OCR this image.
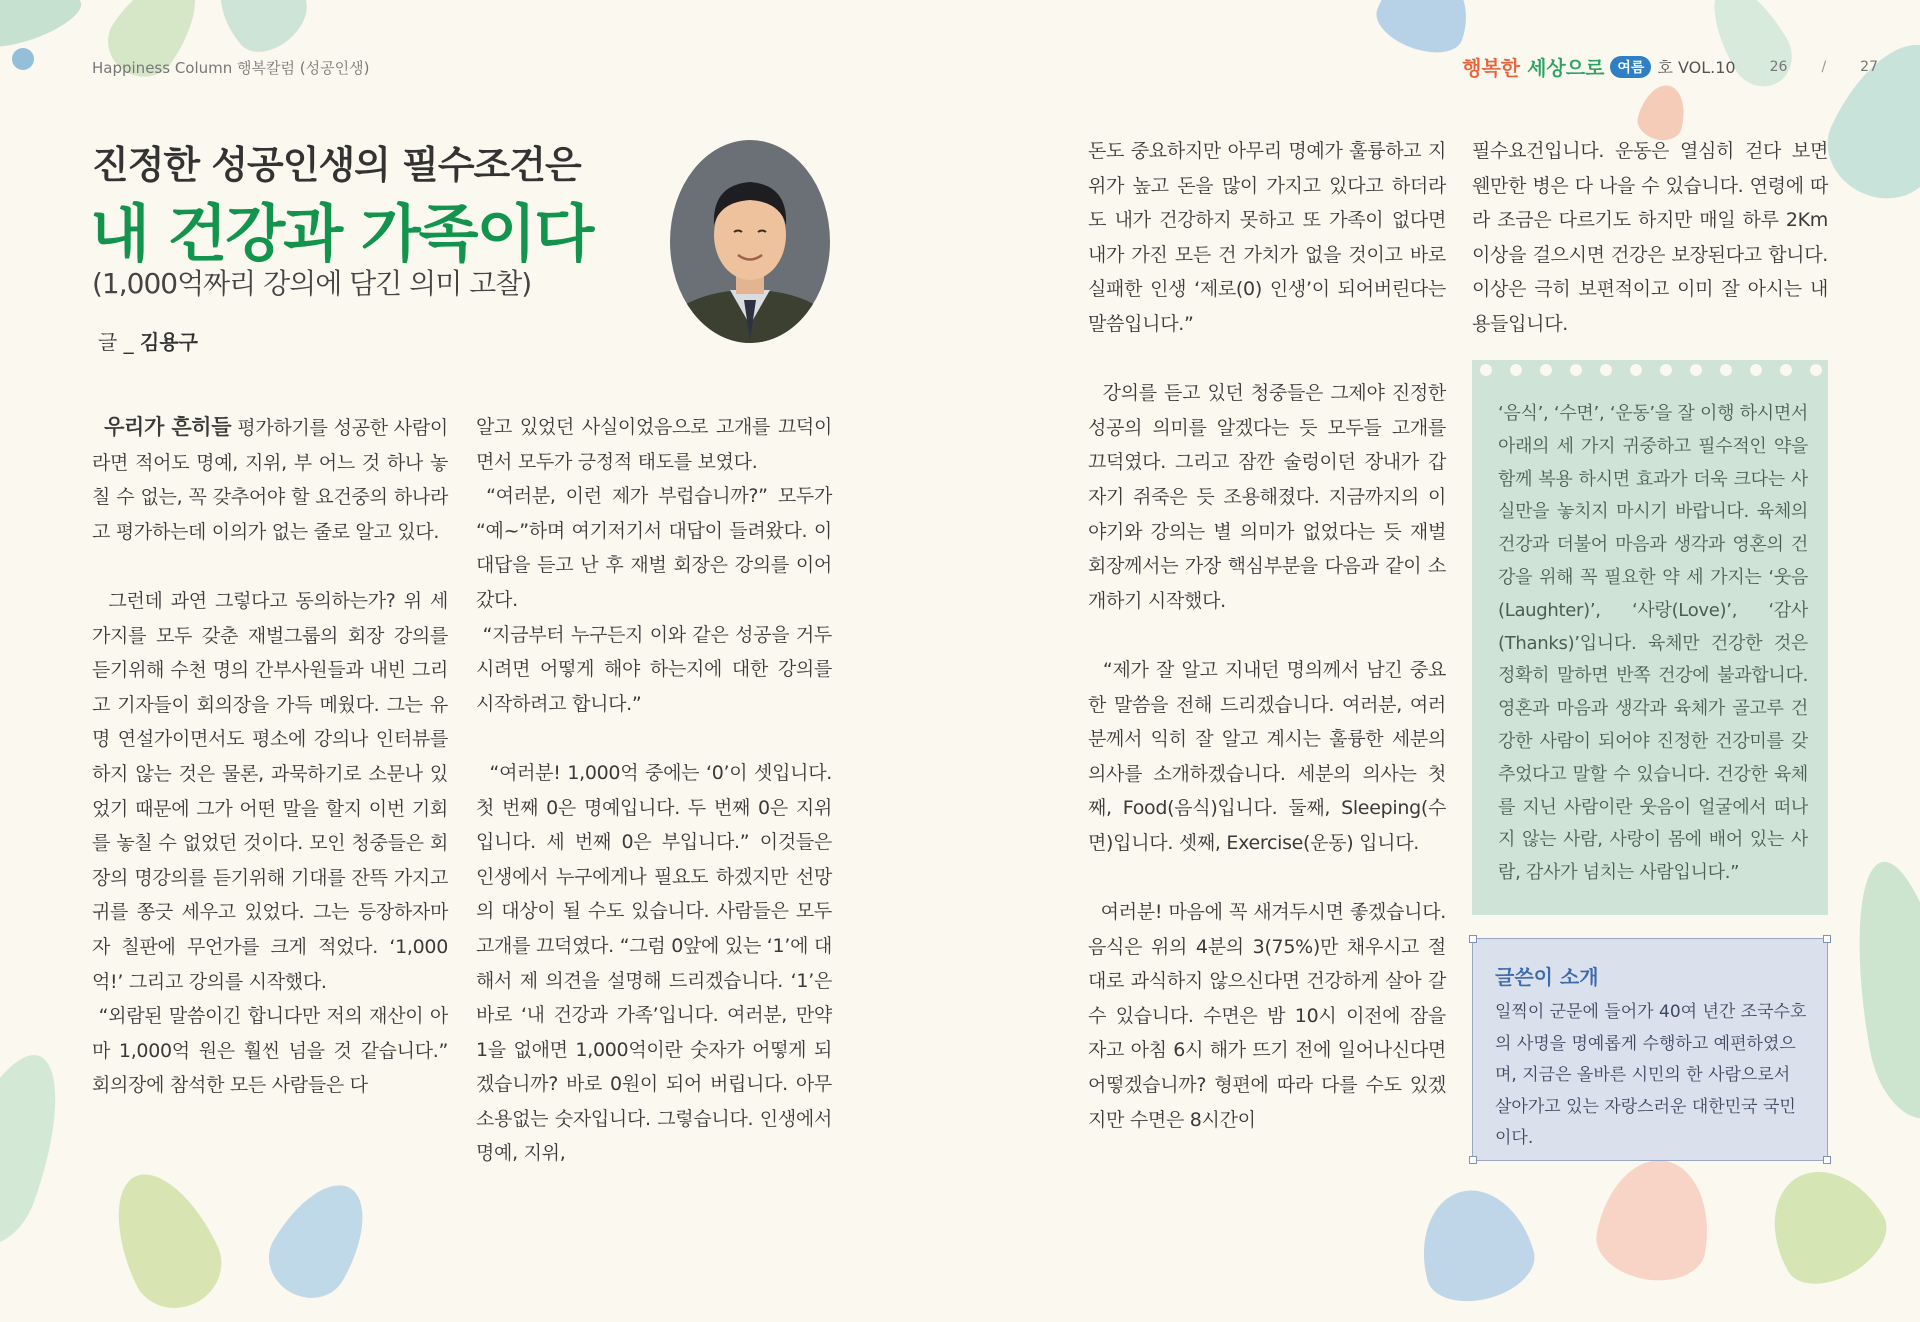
Happiness Column 행복칼럼 (성공인생)	행복한 세상으로 여름 호 VOL.10 26 / 27
진정한 성공인생의 필수조건은
내 건강과 가족이다
(1,000억짜리 강의에 담긴 의미 고찰)
글 _ 김용구

우리가 흔히들 평가하기를 성공한 사람이라면 적어도 명예, 지위, 부 어느 것 하나 놓칠 수 없는, 꼭 갖추어야 할 요건중의 하나라고 평가하는데 이의가 없는 줄로 알고 있다.

그런데 과연 그렇다고 동의하는가? 위 세 가지를 모두 갖춘 재벌그룹의 회장 강의를 듣기위해 수천 명의 간부사원들과 내빈 그리고 기자들이 회의장을 가득 메웠다. 그는 유명 연설가이면서도 평소에 강의나 인터뷰를 하지 않는 것은 물론, 과묵하기로 소문나 있었기 때문에 그가 어떤 말을 할지 이번 기회를 놓칠 수 없었던 것이다. 모인 청중들은 회장의 명강의를 듣기위해 기대를 잔뜩 가지고 귀를 쫑긋 세우고 있었다. 그는 등장하자마자 칠판에 무언가를 크게 적었다. ‘1,000억!’ 그리고 강의를 시작했다.

“외람된 말씀이긴 합니다만 저의 재산이 아마 1,000억 원은 훨씬 넘을 것 같습니다.” 회의장에 참석한 모든 사람들은 다

알고 있었던 사실이었음으로 고개를 끄덕이면서 모두가 긍정적 태도를 보였다.

“여러분, 이런 제가 부럽습니까?” 모두가 “예~”하며 여기저기서 대답이 들려왔다. 이 대답을 듣고 난 후 재벌 회장은 강의를 이어갔다.

“지금부터 누구든지 이와 같은 성공을 거두시려면 어떻게 해야 하는지에 대한 강의를 시작하려고 합니다.”

“여러분! 1,000억 중에는 ‘0’이 셋입니다. 첫 번째 0은 명예입니다. 두 번째 0은 지위입니다. 세 번째 0은 부입니다.” 이것들은 인생에서 누구에게나 필요도 하겠지만 선망의 대상이 될 수도 있습니다. 사람들은 모두 고개를 끄덕였다. “그럼 0앞에 있는 ‘1’에 대해서 제 의견을 설명해 드리겠습니다. ‘1’은 바로 ‘내 건강과 가족’입니다. 여러분, 만약 1을 없애면 1,000억이란 숫자가 어떻게 되겠습니까? 바로 0원이 되어 버립니다. 아무 소용없는 숫자입니다. 그렇습니다. 인생에서 명예, 지위,

돈도 중요하지만 아무리 명예가 훌륭하고 지위가 높고 돈을 많이 가지고 있다고 하더라도 내가 건강하지 못하고 또 가족이 없다면 내가 가진 모든 건 가치가 없을 것이고 바로 실패한 인생 ‘제로(0) 인생’이 되어버린다는 말씀입니다.”

강의를 듣고 있던 청중들은 그제야 진정한 성공의 의미를 알겠다는 듯 모두들 고개를 끄덕였다. 그리고 잠깐 술렁이던 장내가 갑자기 쥐죽은 듯 조용해졌다. 지금까지의 이야기와 강의는 별 의미가 없었다는 듯 재벌 회장께서는 가장 핵심부분을 다음과 같이 소개하기 시작했다.

“제가 잘 알고 지내던 명의께서 남긴 중요한 말씀을 전해 드리겠습니다. 여러분, 여러분께서 익히 잘 알고 계시는 훌륭한 세분의 의사를 소개하겠습니다. 세분의 의사는 첫째, Food(음식)입니다. 둘째, Sleeping(수면)입니다. 셋째, Exercise(운동) 입니다.

여러분! 마음에 꼭 새겨두시면 좋겠습니다. 음식은 위의 4분의 3(75%)만 채우시고 절대로 과식하지 않으신다면 건강하게 살아 갈 수 있습니다. 수면은 밤 10시 이전에 잠을 자고 아침 6시 해가 뜨기 전에 일어나신다면 어떻겠습니까? 형편에 따라 다를 수도 있겠지만 수면은 8시간이

필수요건입니다. 운동은 열심히 걷다 보면 웬만한 병은 다 나을 수 있습니다. 연령에 따라 조금은 다르기도 하지만 매일 하루 2Km 이상을 걸으시면 건강은 보장된다고 합니다. 이상은 극히 보편적이고 이미 잘 아시는 내용들입니다.

‘음식’, ‘수면’, ‘운동’을 잘 이행 하시면서 아래의 세 가지 귀중하고 필수적인 약을 함께 복용 하시면 효과가 더욱 크다는 사실만을 놓치지 마시기 바랍니다. 육체의 건강과 더불어 마음과 생각과 영혼의 건강을 위해 꼭 필요한 약 세 가지는 ‘웃음(Laughter)’, ‘사랑(Love)’, ‘감사(Thanks)’입니다. 육체만 건강한 것은 정확히 말하면 반쪽 건강에 불과합니다. 영혼과 마음과 생각과 육체가 골고루 건강한 사람이 되어야 진정한 건강미를 갖추었다고 말할 수 있습니다. 건강한 육체를 지닌 사람이란 웃음이 얼굴에서 떠나지 않는 사람, 사랑이 몸에 배어 있는 사람, 감사가 넘치는 사람입니다.”
글쓴이 소개
일찍이 군문에 들어가 40여 년간 조국수호의 사명을 명예롭게 수행하고 예편하였으며, 지금은 올바른 시민의 한 사람으로서 살아가고 있는 자랑스러운 대한민국 국민이다.
